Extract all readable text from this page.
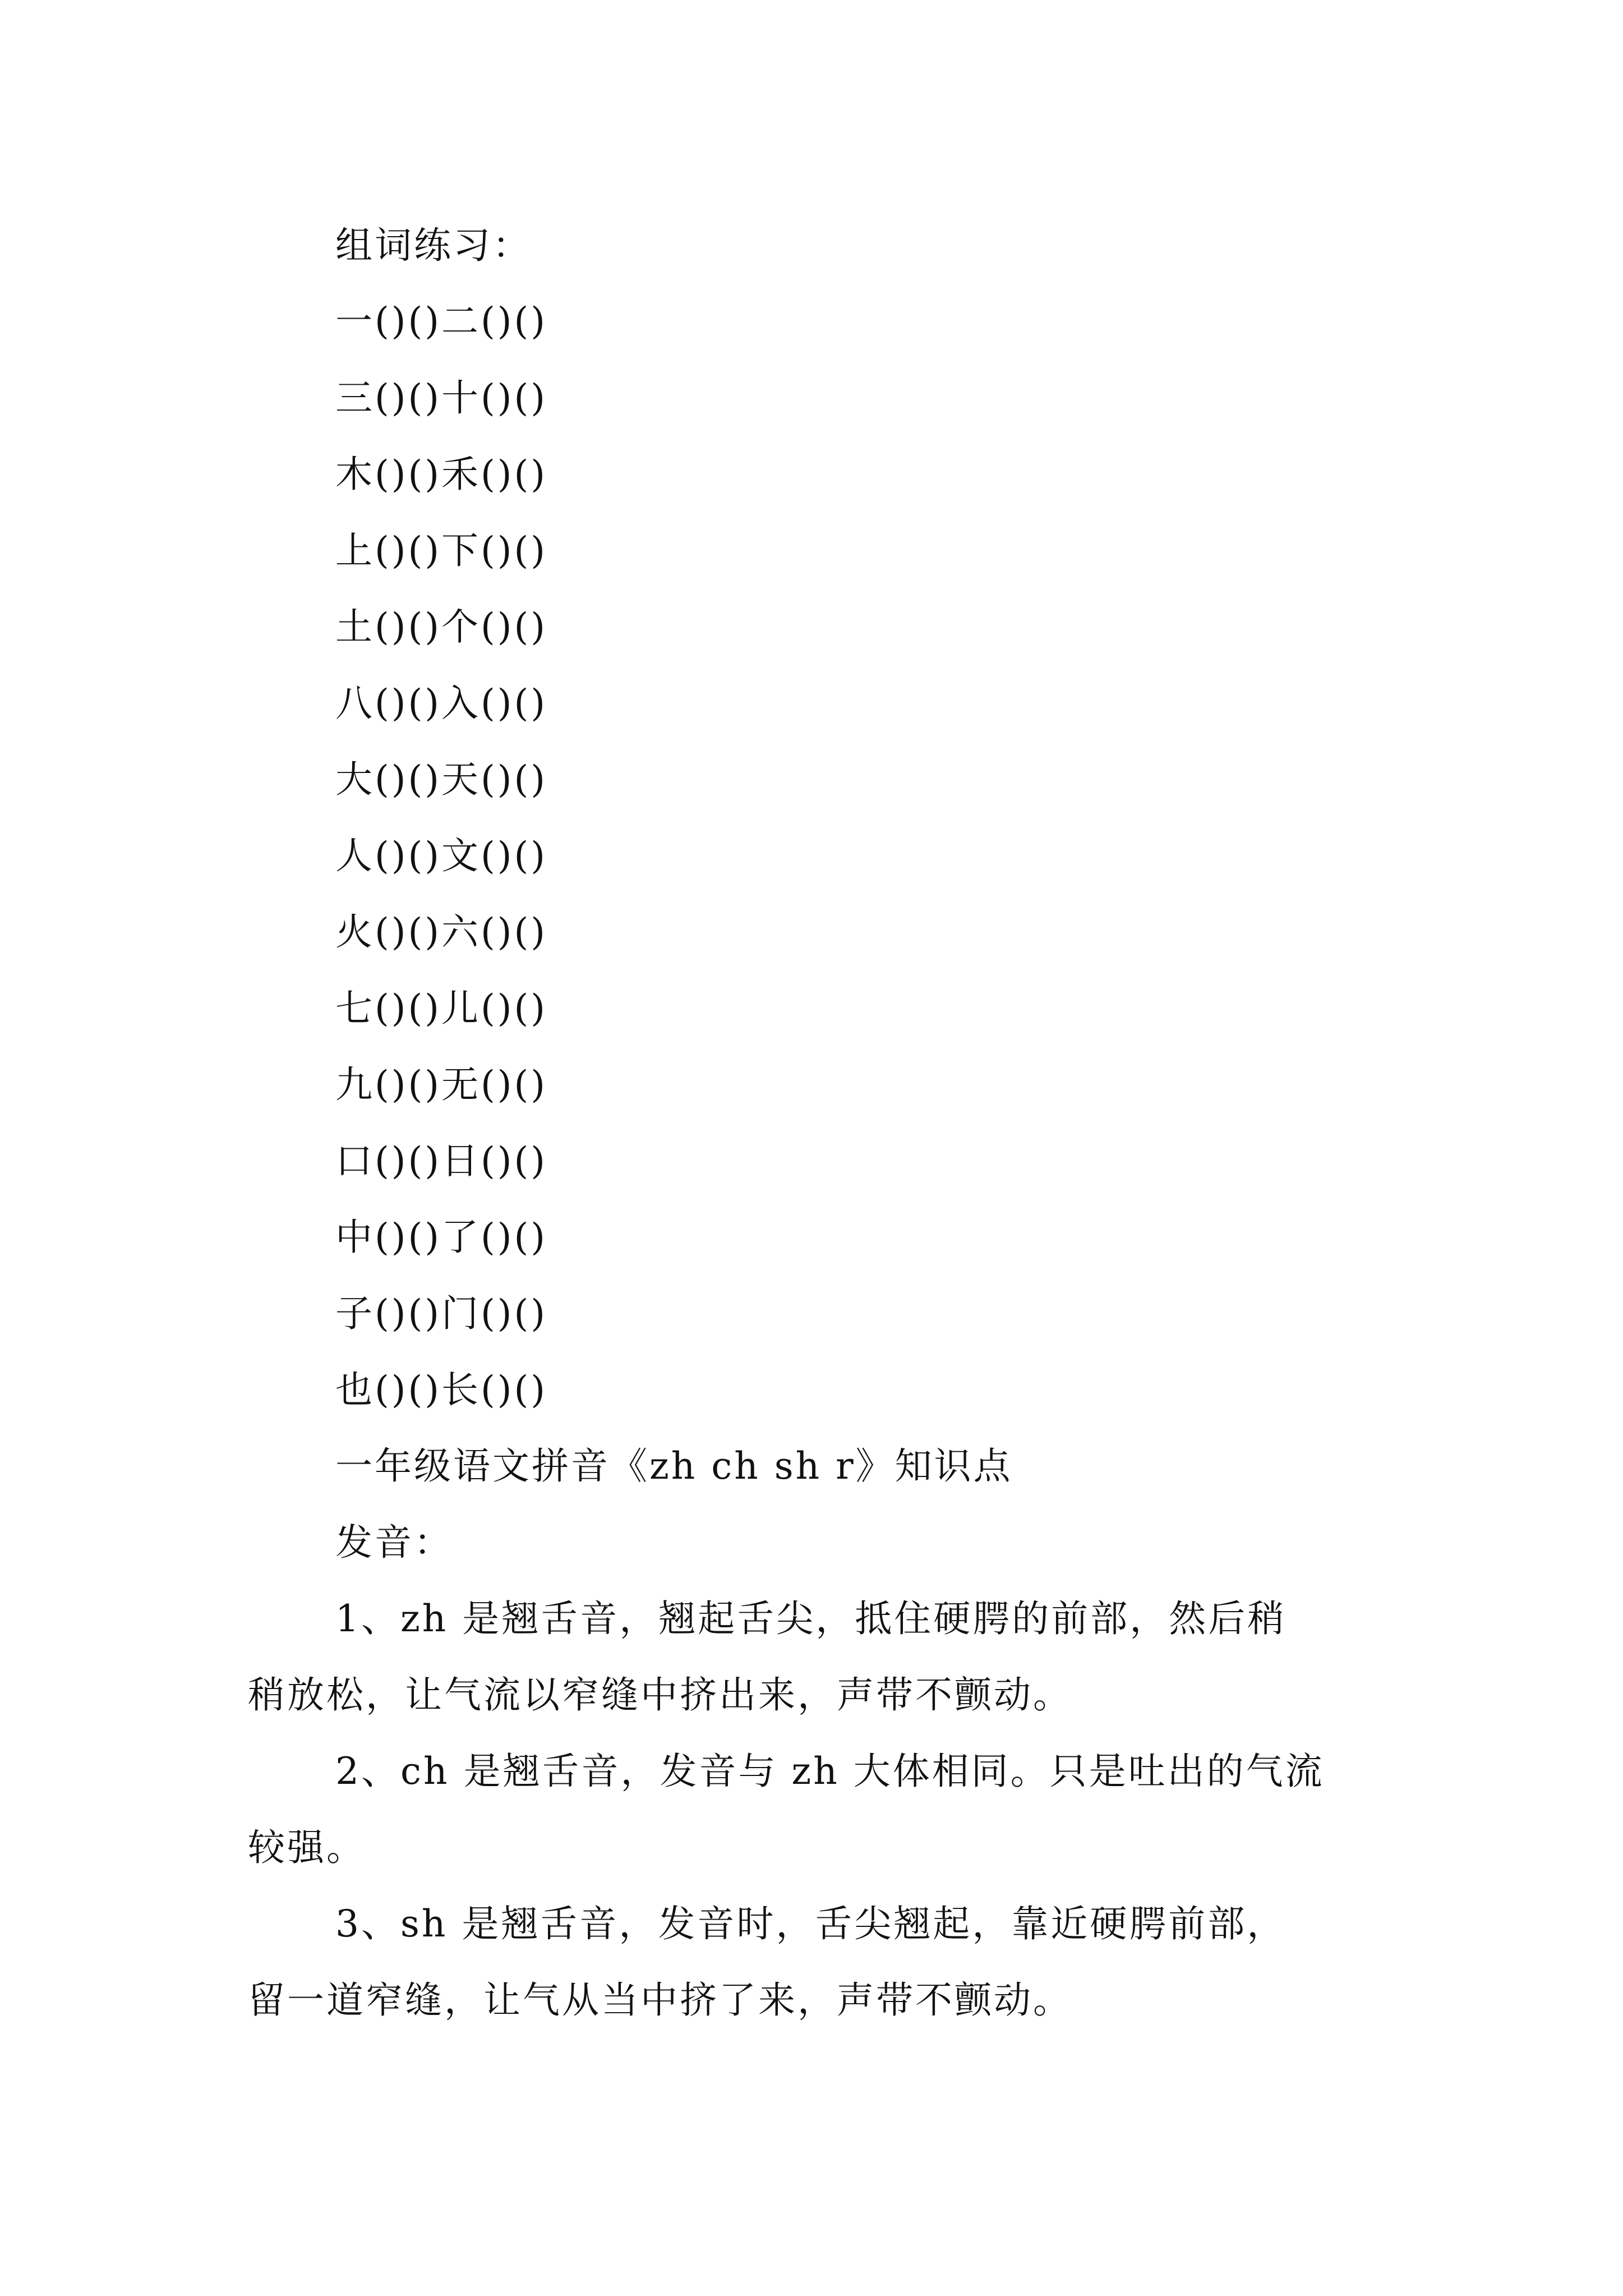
组词练习：
一()()二()()
三()()十()()
木()()禾()()
上()()下()()
土()()个()()
八()()入()()
大()()天()()
人()()文()()
火()()六()()
七()()儿()()
九()()无()()
口()()日()()
中()()了()()
子()()门()()
也()()长()()
一年级语文拼音《zh ch sh r》知识点
发音：
1、zh 是翘舌音，翘起舌尖，抵住硬腭的前部，然后稍
稍放松，让气流以窄缝中挤出来，声带不颤动。
2、ch 是翘舌音，发音与 zh 大体相同。只是吐出的气流
较强。
3、sh 是翘舌音，发音时，舌尖翘起，靠近硬腭前部，
留一道窄缝，让气从当中挤了来，声带不颤动。
